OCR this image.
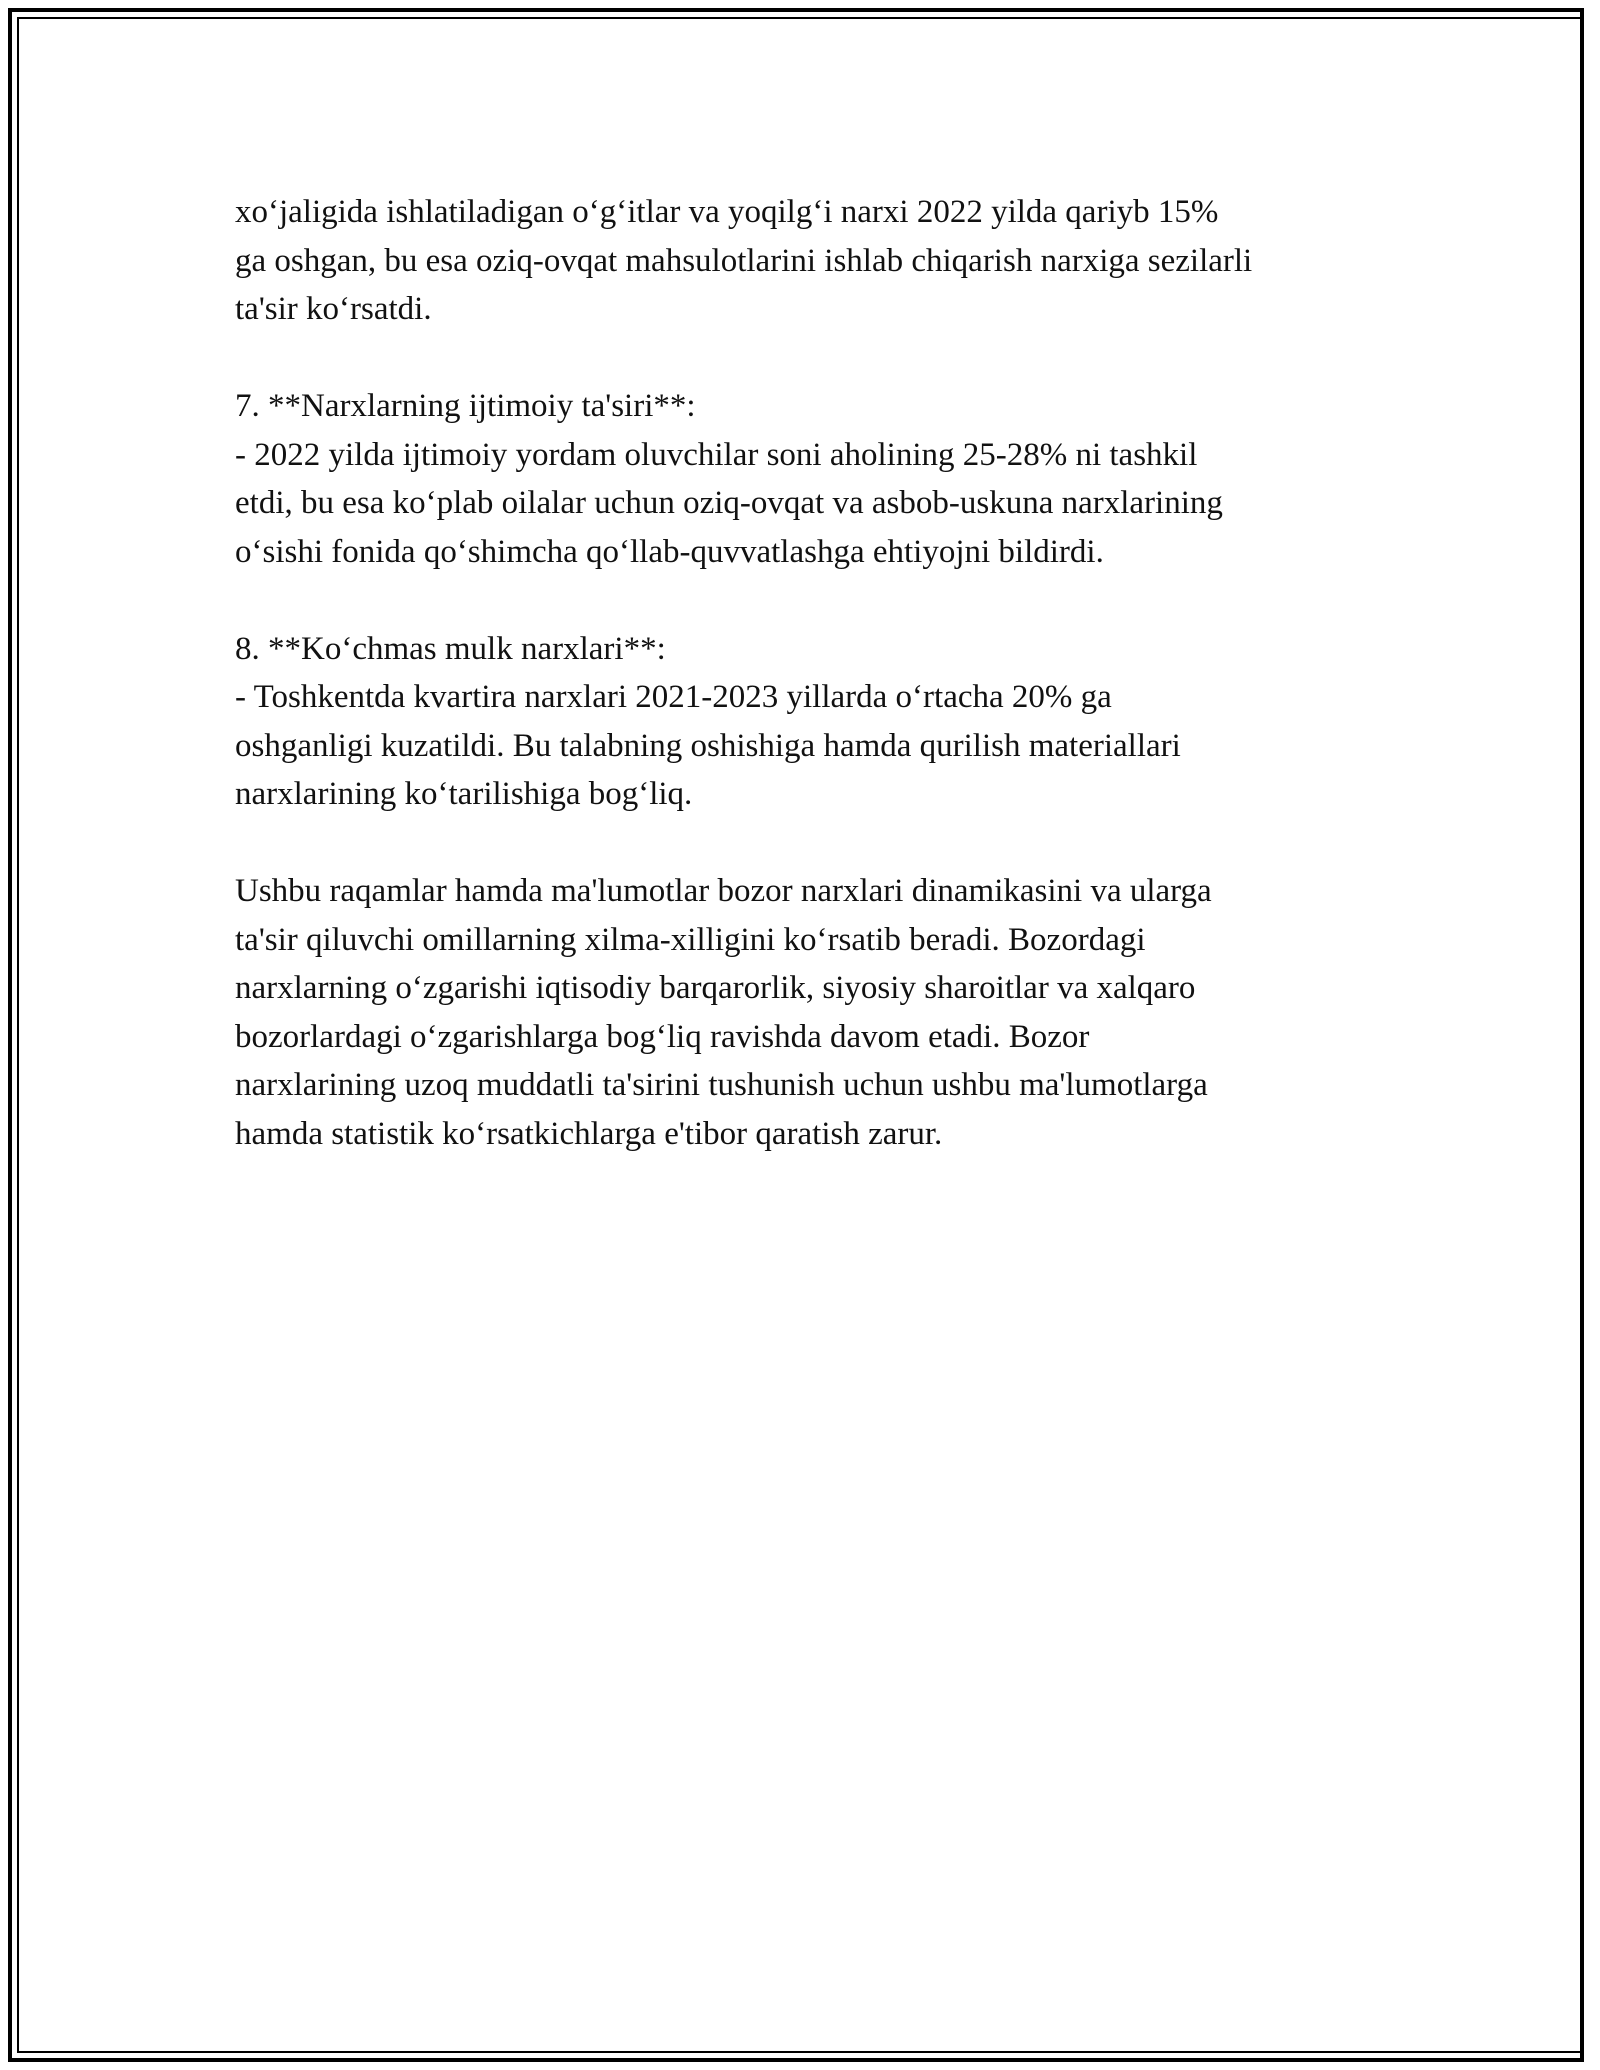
xo‘jaligida ishlatiladigan o‘g‘itlar va yoqilg‘i narxi 2022 yilda qariyb 15%
ga oshgan, bu esa oziq-ovqat mahsulotlarini ishlab chiqarish narxiga sezilarli
ta'sir ko‘rsatdi.

7. **Narxlarning ijtimoiy ta'siri**:

- 2022 yilda ijtimoiy yordam oluvchilar soni aholining 25-28% ni tashkil
etdi, bu esa ko‘plab oilalar uchun oziq-ovqat va asbob-uskuna narxlarining
o‘sishi fonida qo‘shimcha qo‘llab-quvvatlashga ehtiyojni bildirdi.

8. **Ko‘chmas mulk narxlari**:

- Toshkentda kvartira narxlari 2021-2023 yillarda o‘rtacha 20% ga
oshganligi kuzatildi. Bu talabning oshishiga hamda qurilish materiallari
narxlarining ko‘tarilishiga bog‘liq.

Ushbu raqamlar hamda ma'lumotlar bozor narxlari dinamikasini va ularga
ta'sir qiluvchi omillarning xilma-xilligini ko‘rsatib beradi. Bozordagi
narxlarning o‘zgarishi iqtisodiy barqarorlik, siyosiy sharoitlar va xalqaro
bozorlardagi o‘zgarishlarga bog‘liq ravishda davom etadi. Bozor
narxlarining uzoq muddatli ta'sirini tushunish uchun ushbu ma'lumotlarga
hamda statistik ko‘rsatkichlarga e'tibor qaratish zarur.
